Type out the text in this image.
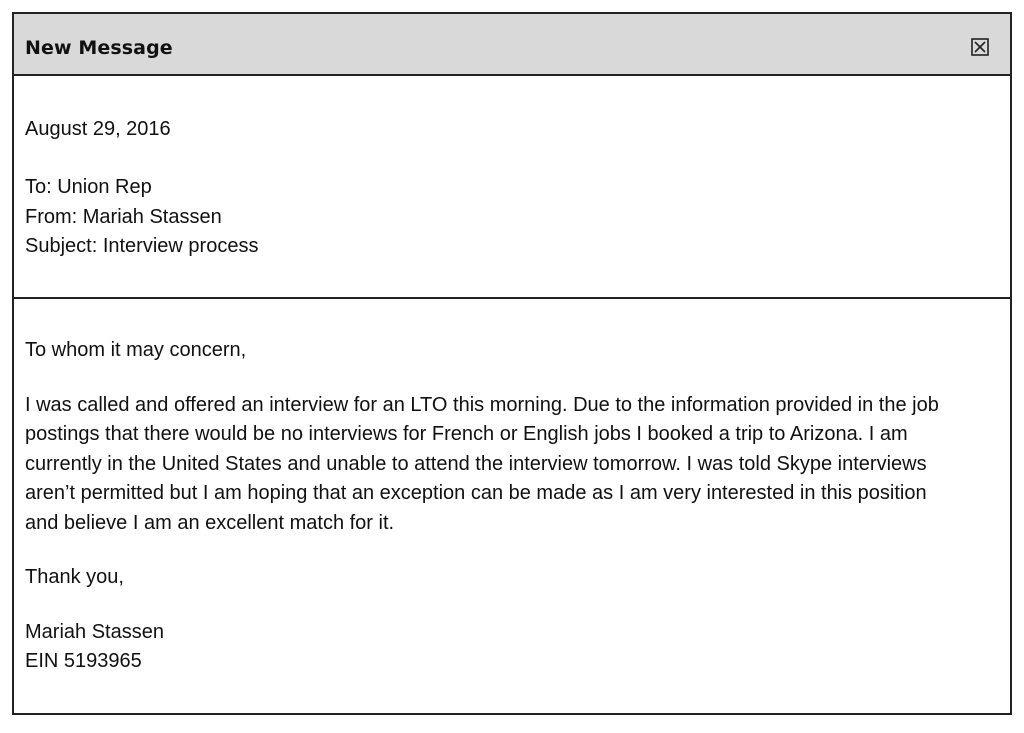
New Message
August 29, 2016
To: Union Rep
From: Mariah Stassen
Subject: Interview process

To whom it may concern,

I was called and offered an interview for an LTO this morning. Due to the information provided in the job
postings that there would be no interviews for French or English jobs I booked a trip to Arizona. I am
currently in the United States and unable to attend the interview tomorrow. I was told Skype interviews
aren’t permitted but I am hoping that an exception can be made as I am very interested in this position
and believe I am an excellent match for it.

Thank you,

Mariah Stassen
EIN 5193965
